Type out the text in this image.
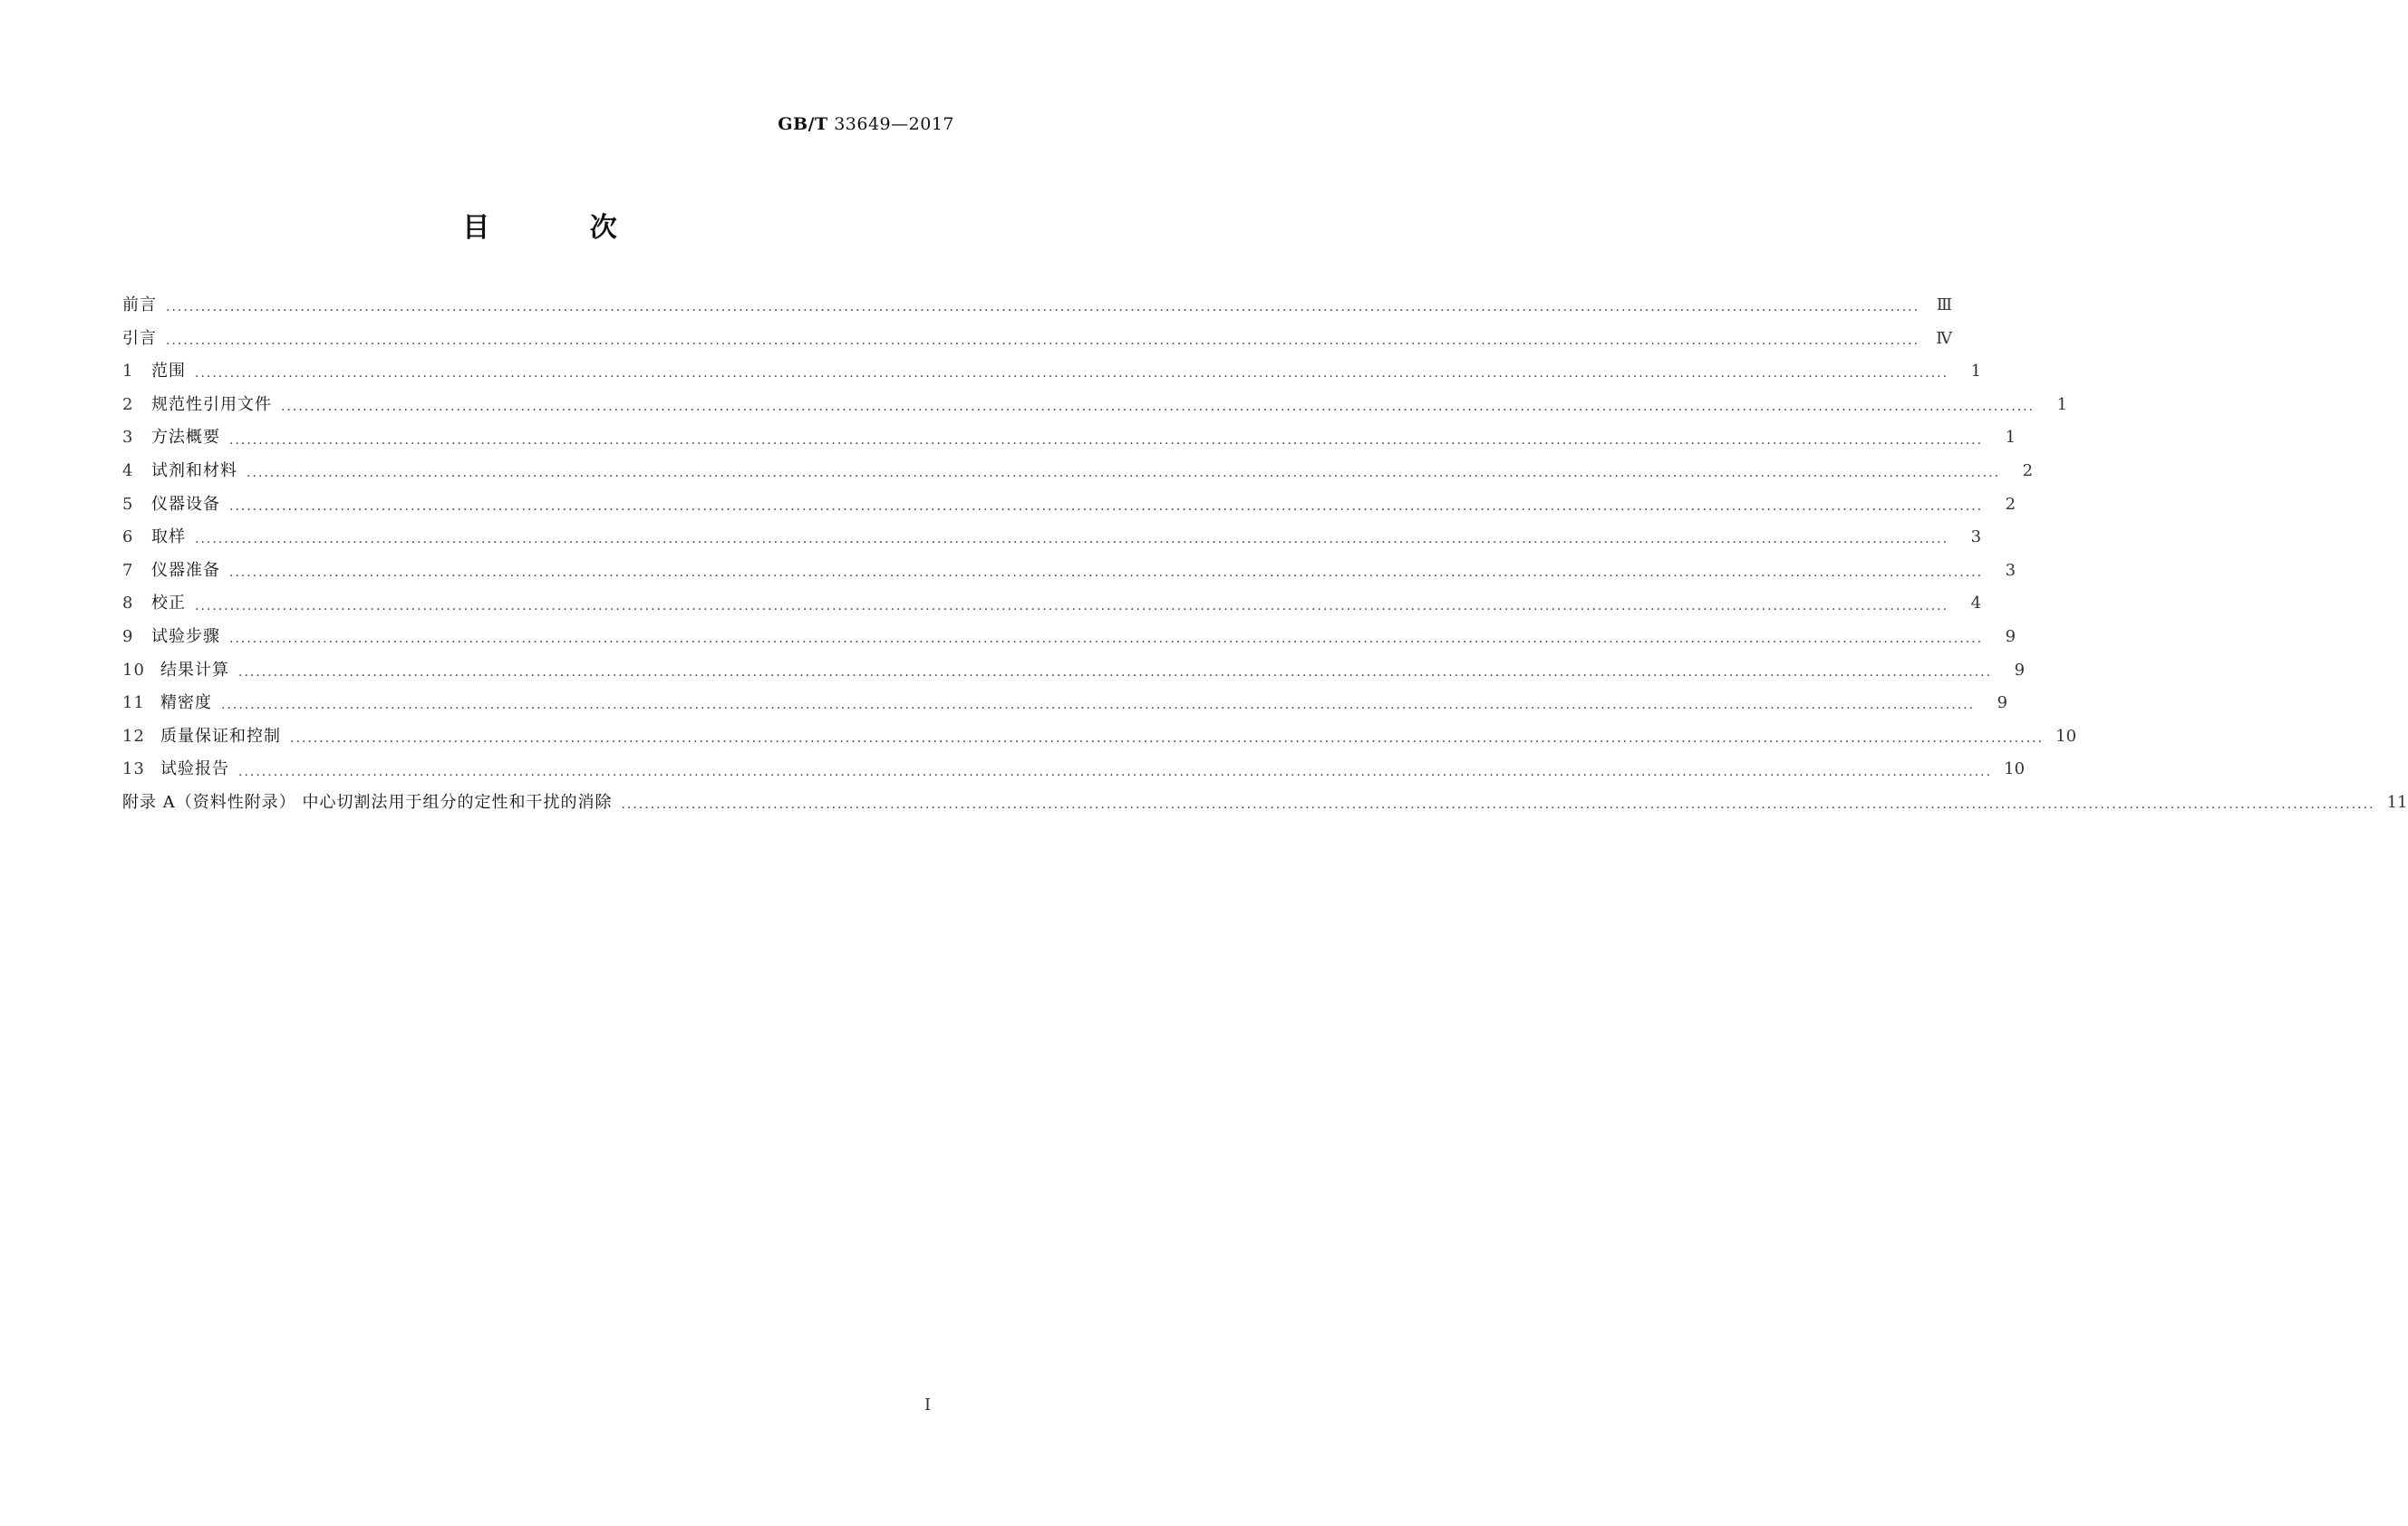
GB/T 33649—2017
目 次
前言 ············································································································································································································································································································	Ⅲ
引言 ············································································································································································································································································································	Ⅳ
1 范围 ············································································································································································································································································································	1
2 规范性引用文件 ············································································································································································································································································································	1
3 方法概要 ············································································································································································································································································································	1
4 试剂和材料 ············································································································································································································································································································	2
5 仪器设备 ············································································································································································································································································································	2
6 取样 ············································································································································································································································································································	3
7 仪器准备 ············································································································································································································································································································	3
8 校正 ············································································································································································································································································································	4
9 试验步骤 ············································································································································································································································································································	9
10 结果计算 ············································································································································································································································································································	9
11 精密度 ············································································································································································································································································································	9
12 质量保证和控制 ············································································································································································································································································································ 10
13 试验报告 ············································································································································································································································································································ 10
附录 A（资料性附录） 中心切割法用于组分的定性和干扰的消除 ············································································································································································································································································································ 11
I
